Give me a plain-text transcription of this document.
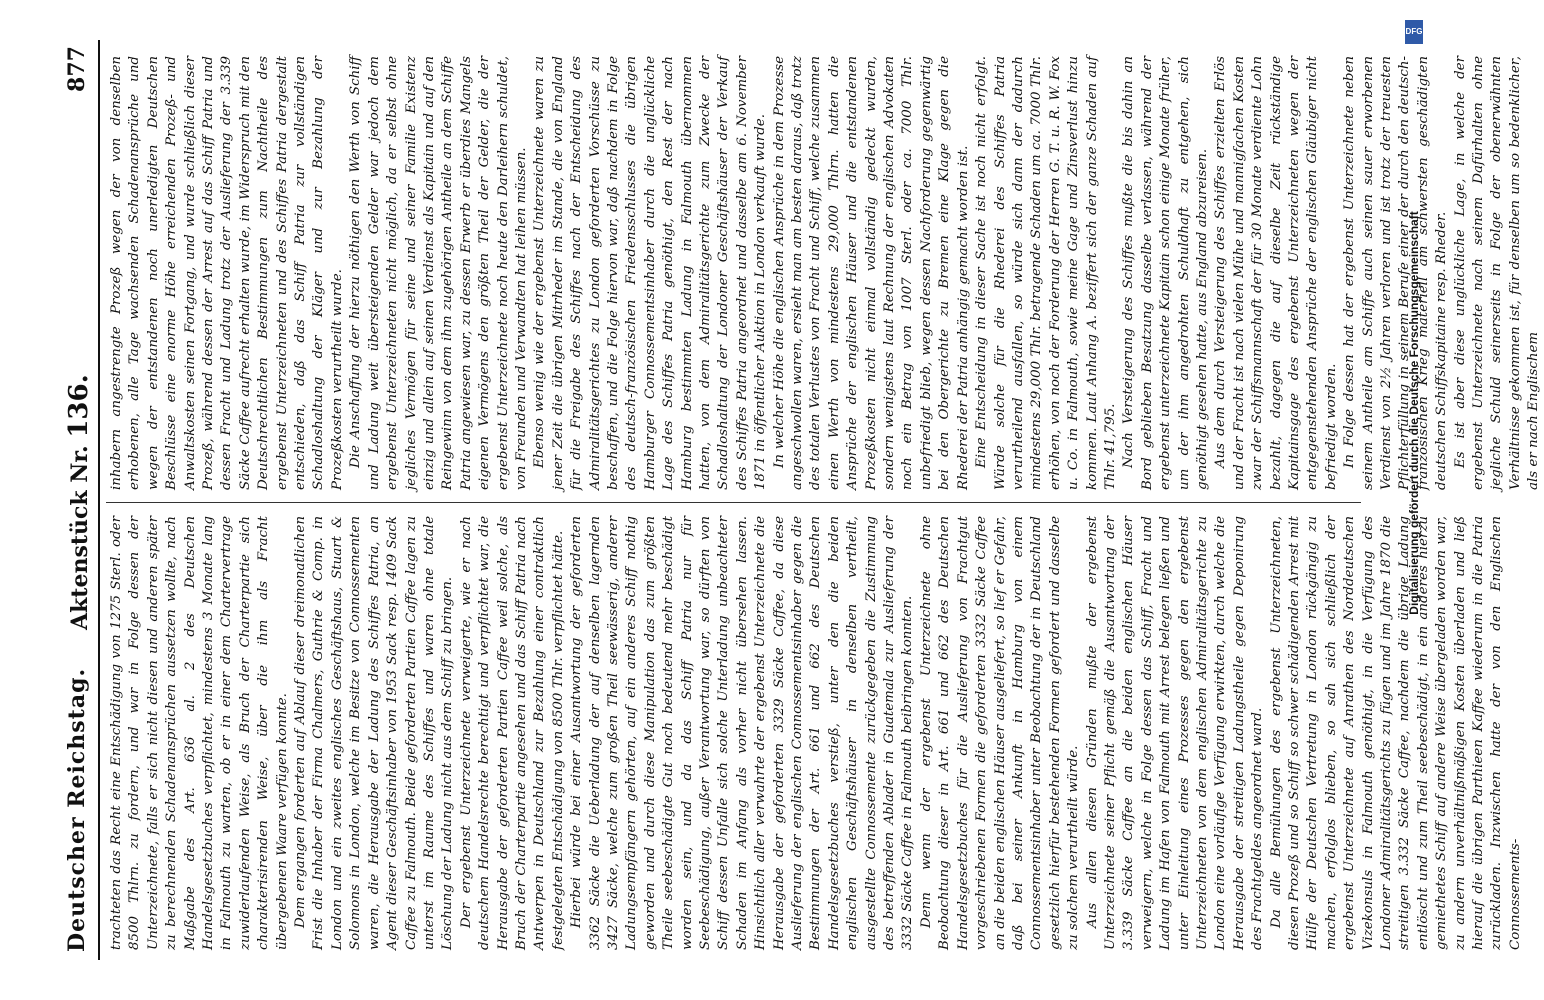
Deutscher Reichstag.
Aktenstück Nr. 136.
877

trachteten das Recht eine Entschädigung von 1275 Sterl. oder 8500 Thlrn. zu fordern, und war in Folge dessen der Unterzeichnete, falls er sich nicht diesen und anderen später zu berechnenden Schadenansprüchen aussetzen wollte, nach Maßgabe des Art. 636 al. 2 des Deutschen Handelsgesetzbuches verpflichtet, mindestens 3 Monate lang in Falmouth zu warten, ob er in einer dem Chartervertrage zuwiderlaufenden Weise, als Bruch der Charterpartie sich charakterisirenden Weise, über die ihm als Fracht übergebenen Waare verfügen konnte. Dem ergangen forderten auf Ablauf dieser dreimonatlichen Frist die Inhaber der Firma Chalmers, Guthrie & Comp. in London und ein zweites englisches Geschäftshaus, Stuart & Solomons in London, welche im Besitze von Connossementen waren, die Herausgabe der Ladung des Schiffes Patria, an Agent dieser Geschäftsinhaber von 1953 Sack resp. 1409 Sack Caffee zu Falmouth. Beide geforderten Partien Caffee lagen zu unterst im Raume des Schiffes und waren ohne totale Löschung der Ladung nicht aus dem Schiff zu bringen. Der ergebenst Unterzeichnete verweigerte, wie er nach deutschem Handelsrechte berechtigt und verpflichtet war, die Herausgabe der geforderten Partien Caffee weil solche, als Bruch der Charterpartie angesehen und das Schiff Patria nach Antwerpen in Deutschland zur Bezahlung einer contraktlich festgelegten Entschädigung von 8500 Thlr. verpflichtet hätte. Hierbei würde bei einer Ausantwortung der geforderten 3362 Säcke die Ueberladung der auf denselben lagernden 3427 Säcke, welche zum großen Theil seewässerig, anderer Ladungsempfängern gehörten, auf ein anderes Schiff nothig geworden und durch diese Manipulation das zum größten Theile seebeschädigte Gut noch bedeutend mehr beschädigt worden sein, und da das Schiff Patria nur für Seebeschädigung, außer Verantwortung war, so dürften von Schiff dessen Unfalle sich solche Unterladung unbeachteter Schaden im Anfang als vorher nicht übersehen lassen. Hinsichtlich aller verwahrte der ergebenst Unterzeichnete die Herausgabe der geforderten 3329 Säcke Caffee, da diese Auslieferung der englischen Connossementsinhaber gegen die Bestimmungen der Art. 661 und 662 des Deutschen Handelsgesetzbuches verstieß, unter den die beiden englischen Geschäftshäuser in denselben vertheilt, ausgestellte Connossemente zurückgegeben die Zustimmung des betreffenden Ablader in Guatemala zur Auslieferung der 3332 Säcke Caffee in Falmouth beibringen konnten. Denn wenn der ergebenst Unterzeichnete ohne Beobachtung dieser in Art. 661 und 662 des Deutschen Handelsgesetzbuches für die Auslieferung von Frachtgut vorgeschriebenen Formen die geforderten 3332 Säcke Caffee an die beiden englischen Häuser ausgeliefert, so lief er Gefahr, daß bei seiner Ankunft in Hamburg von einem Connossementsinhaber unter Beobachtung der in Deutschland gesetzlich hierfür bestehenden Formen gefordert und dasselbe zu solchem verurtheilt würde. Aus allen diesen Gründen mußte der ergebenst Unterzeichnete seiner Pflicht gemäß die Ausantwortung der 3.339 Säcke Caffee an die beiden englischen Häuser verweigern, welche in Folge dessen das Schiff, Fracht und Ladung im Hafen von Falmouth mit Arrest belegen ließen und unter Einleitung eines Prozesses gegen den ergebenst Unterzeichneten von dem englischen Admiralitätsgerichte zu London eine vorläufige Verfügung erwirkten, durch welche die Herausgabe der streitigen Ladungstheile gegen Deponirung des Frachtgeldes angeordnet ward. Da alle Bemühungen des ergebenst Unterzeichneten, diesen Prozeß und so Schiff so schwer schädigenden Arrest mit Hülfe der Deutschen Vertretung in London rückgängig zu machen, erfolglos blieben, so sah sich schließlich der ergebenst Unterzeichnete auf Anrathen des Norddeutschen Vizekonsuls in Falmouth genöthigt, in die Verfügung des Londoner Admiralitätsgerichts zu fügen und im Jahre 1870 die streitigen 3.332 Säcke Caffee, nachdem die übrige Ladung entlöscht und zum Theil seebeschädigt, in ein anderes hierzu gemiethetes Schiff auf andere Weise übergeladen worden war, zu andern unverhältnißmäßigen Kosten überladen und ließ hierauf die übrigen Parthieen Kaffee wiederum in die Patria zurückladen. Inzwischen hatte der von den Englischen Connossements-

inhabern angestrengte Prozeß wegen der von denselben erhobenen, alle Tage wachsenden Schadenansprüche und wegen der entstandenen noch unerledigten Deutschen Beschlüsse eine enorme Höhe erreichenden Prozeß- und Anwaltskosten seinen Fortgang, und wurde schließlich dieser Prozeß, während dessen der Arrest auf das Schiff Patria und dessen Fracht und Ladung trotz der Auslieferung der 3.339 Säcke Caffee aufrecht erhalten wurde, im Widerspruch mit den Deutschrechtlichen Bestimmungen zum Nachtheile des ergebenst Unterzeichneten und des Schiffes Patria dergestalt entschieden, daß das Schiff Patria zur vollständigen Schadloshaltung der Kläger und zur Bezahlung der Prozeßkosten verurtheilt wurde. Die Anschaffung der hierzu nöthigen den Werth von Schiff und Ladung weit übersteigenden Gelder war jedoch dem ergebenst Unterzeichneten nicht möglich, da er selbst ohne jegliches Vermögen für seine und seiner Familie Existenz einzig und allein auf seinen Verdienst als Kapitain und auf den Reingewinn von dem ihm zugehörigen Antheile an dem Schiffe Patria angewiesen war, zu dessen Erwerb er überdies Mangels eigenen Vermögens den größten Theil der Gelder, die der ergebenst Unterzeichnete noch heute den Darleihern schuldet, von Freunden und Verwandten hat leihen müssen. Ebenso wenig wie der ergebenst Unterzeichnete waren zu jener Zeit die übrigen Mitrheder im Stande, die von England für die Freigabe des Schiffes nach der Entscheidung des Admiralitätsgerichtes zu London geforderten Vorschüsse zu beschaffen, und die Folge hiervon war, daß nachdem in Folge des deutsch-französischen Friedensschlusses die übrigen Hamburger Connossementsinhaber durch die unglückliche Lage des Schiffes Patria genöthigt, den Rest der nach Hamburg bestimmten Ladung in Falmouth übernommen hatten, von dem Admiralitätsgerichte zum Zwecke der Schadloshaltung der Londoner Geschäftshäuser der Verkauf des Schiffes Patria angeordnet und dasselbe am 6. November 1871 in öffentlicher Auktion in London verkauft wurde. In welcher Höhe die englischen Ansprüche in dem Prozesse angeschwollen waren, ersieht man am besten daraus, daß trotz des totalen Verlustes von Fracht und Schiff, welche zusammen einen Werth von mindestens 29,000 Thlrn. hatten die Ansprüche der englischen Häuser und die entstandenen Prozeßkosten nicht einmal vollständig gedeckt wurden, sondern wenigstens laut Rechnung der englischen Advokaten noch ein Betrag von 1007 Sterl. oder ca. 7000 Thlr. unbefriedigt blieb, wegen dessen Nachforderung gegenwärtig bei den Obergerichte zu Bremen eine Klage gegen die Rhederei der Patria anhängig gemacht worden ist. Eine Entscheidung in dieser Sache ist noch nicht erfolgt. Würde solche für die Rhederei des Schiffes Patria verurtheilend ausfallen, so würde sich dann der dadurch mindestens 29,000 Thlr. betragende Schaden um ca. 7000 Thlr. erhöhen, von noch der Forderung der Herren G. T. u. R. W. Fox u. Co. in Falmouth, sowie meine Gage und Zinsverlust hinzu kommen. Laut Anhang A. beziffert sich der ganze Schaden auf Thlr. 41,795. Nach Versteigerung des Schiffes mußte die bis dahin an Bord geblieben Besatzung dasselbe verlassen, während der ergebenst unterzeichnete Kapitain schon einige Monate früher, um der ihm angedrohten Schuldhaft zu entgehen, sich genöthigt gesehen hatte, aus England abzureisen. Aus dem durch Versteigerung des Schiffes erzielten Erlös und der Fracht ist nach vielen Mühe und mannigfachen Kosten zwar der Schiffsmannschaft der für 30 Monate verdiente Lohn bezahlt, dagegen die auf dieselbe Zeit rückständige Kapitainsgage des ergebenst Unterzeichneten wegen der entgegenstehenden Ansprüche der englischen Gläubiger nicht befriedigt worden. In Folge dessen hat der ergebenst Unterzeichnete neben seinem Antheile am Schiffe auch seinen sauer erworbenen Verdienst von 2½ Jahren verloren und ist trotz der treuesten Pflichterfüllung in seinem Berufe einer der durch den deutsch-französischen Krieg materiell am schwersten geschädigten deutschen Schiffskapitaine resp. Rheder. Es ist aber diese unglückliche Lage, in welche der ergebenst Unterzeichnete nach seinem Dafürhalten ohne jegliche Schuld seinerseits in Folge der obenerwähnten Verhältnisse gekommen ist, für denselben um so bedenklicher, als er nach Englischem

DFG
Digitalisierung gefördert durch die Deutsche Forschungsgemeinschaft
